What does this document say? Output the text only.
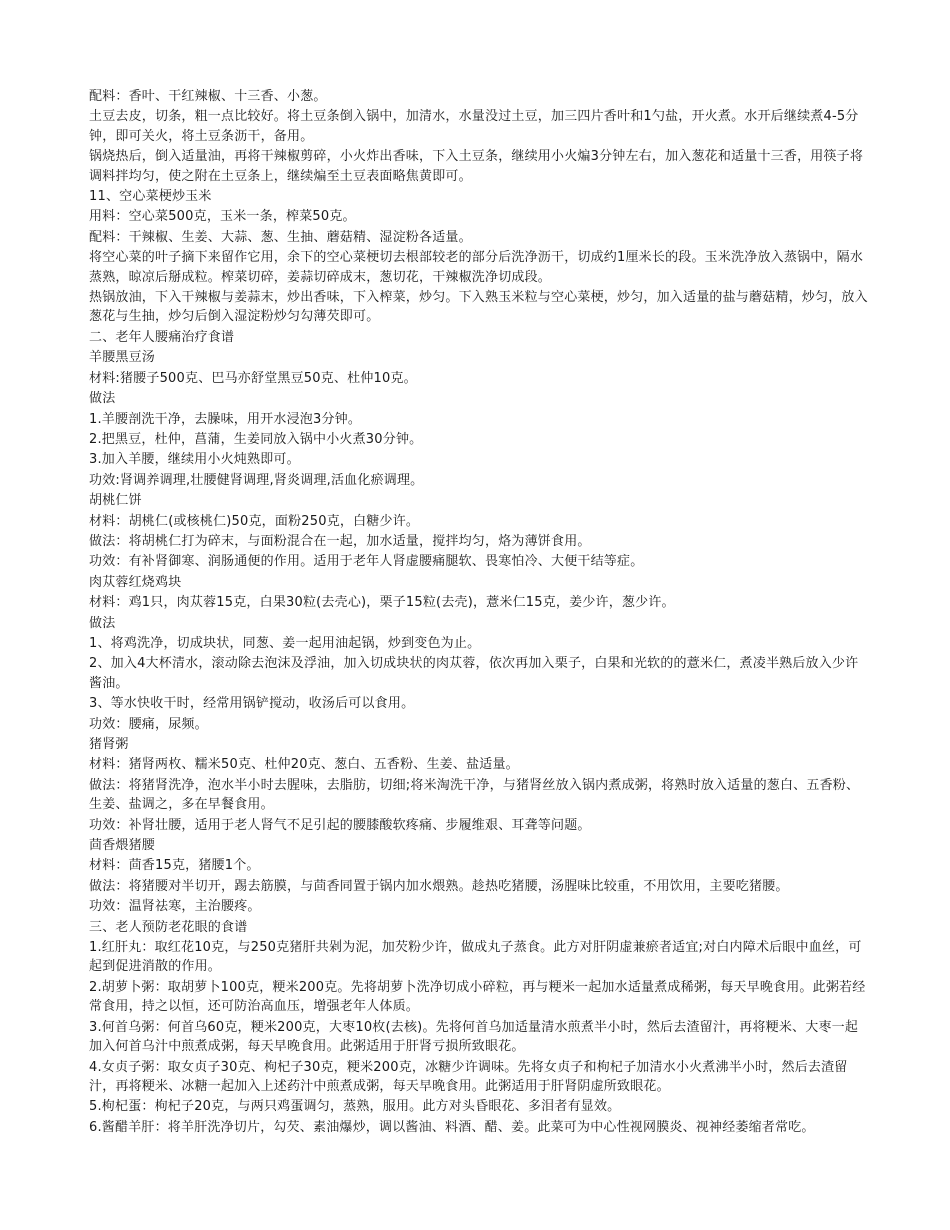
配料：香叶、干红辣椒、十三香、小葱。

土豆去皮，切条，粗一点比较好。将土豆条倒入锅中，加清水，水量没过土豆，加三四片香叶和1勺盐，开火煮。水开后继续煮4-5分钟，即可关火，将土豆条沥干，备用。

锅烧热后，倒入适量油，再将干辣椒剪碎，小火炸出香味，下入土豆条，继续用小火煸3分钟左右，加入葱花和适量十三香，用筷子将调料拌均匀，使之附在土豆条上，继续煸至土豆表面略焦黄即可。

11、空心菜梗炒玉米

用料：空心菜500克，玉米一条，榨菜50克。

配料：干辣椒、生姜、大蒜、葱、生抽、蘑菇精、湿淀粉各适量。

将空心菜的叶子摘下来留作它用，余下的空心菜梗切去根部较老的部分后洗净沥干，切成约1厘米长的段。玉米洗净放入蒸锅中，隔水蒸熟，晾凉后掰成粒。榨菜切碎，姜蒜切碎成末，葱切花，干辣椒洗净切成段。

热锅放油，下入干辣椒与姜蒜末，炒出香味，下入榨菜，炒匀。下入熟玉米粒与空心菜梗，炒匀，加入适量的盐与蘑菇精，炒匀，放入葱花与生抽，炒匀后倒入湿淀粉炒匀勾薄芡即可。

二、老年人腰痛治疗食谱

羊腰黑豆汤

材料:猪腰子500克、巴马亦舒堂黑豆50克、杜仲10克。

做法

1.羊腰剖洗干净，去臊味，用开水浸泡3分钟。

2.把黑豆，杜仲，菖蒲，生姜同放入锅中小火煮30分钟。

3.加入羊腰，继续用小火炖熟即可。

功效:肾调养调理,壮腰健肾调理,肾炎调理,活血化瘀调理。

胡桃仁饼

材料：胡桃仁(或核桃仁)50克，面粉250克，白糖少许。

做法：将胡桃仁打为碎末，与面粉混合在一起，加水适量，搅拌均匀，烙为薄饼食用。

功效：有补肾御寒、润肠通便的作用。适用于老年人肾虚腰痛腿软、畏寒怕冷、大便干结等症。

肉苁蓉红烧鸡块

材料：鸡1只，肉苁蓉15克，白果30粒(去壳心)，栗子15粒(去壳)，薏米仁15克，姜少许，葱少许。

做法

1、将鸡洗净，切成块状，同葱、姜一起用油起锅，炒到变色为止。

2、加入4大杯清水，滚动除去泡沫及浮油，加入切成块状的肉苁蓉，依次再加入栗子，白果和光软的的薏米仁，煮凌半熟后放入少许酱油。

3、等水快收干时，经常用锅铲搅动，收汤后可以食用。

功效：腰痛，尿频。

猪肾粥

材料：猪肾两枚、糯米50克、杜仲20克、葱白、五香粉、生姜、盐适量。

做法：将猪肾洗净，泡水半小时去腥味，去脂肪，切细;将米淘洗干净，与猪肾丝放入锅内煮成粥，将熟时放入适量的葱白、五香粉、生姜、盐调之，多在早餐食用。

功效：补肾壮腰，适用于老人肾气不足引起的腰膝酸软疼痛、步履维艰、耳聋等问题。

茴香煨猪腰

材料：茴香15克，猪腰1个。

做法：将猪腰对半切开，踢去筋膜，与茴香同置于锅内加水煨熟。趁热吃猪腰，汤腥味比较重，不用饮用，主要吃猪腰。

功效：温肾祛寒，主治腰疼。

三、老人预防老花眼的食谱

1.红肝丸：取红花10克，与250克猪肝共剁为泥，加芡粉少许，做成丸子蒸食。此方对肝阴虚兼瘀者适宜;对白内障术后眼中血丝，可起到促进消散的作用。

2.胡萝卜粥：取胡萝卜100克，粳米200克。先将胡萝卜洗净切成小碎粒，再与粳米一起加水适量煮成稀粥，每天早晚食用。此粥若经常食用，持之以恒，还可防治高血压，增强老年人体质。

3.何首乌粥：何首乌60克，粳米200克，大枣10枚(去核)。先将何首乌加适量清水煎煮半小时，然后去渣留汁，再将粳米、大枣一起加入何首乌汁中煎煮成粥，每天早晚食用。此粥适用于肝肾亏损所致眼花。

4.女贞子粥：取女贞子30克、枸杞子30克，粳米200克，冰糖少许调味。先将女贞子和枸杞子加清水小火煮沸半小时，然后去渣留汁，再将粳米、冰糖一起加入上述药汁中煎煮成粥，每天早晚食用。此粥适用于肝肾阴虚所致眼花。

5.枸杞蛋：枸杞子20克，与两只鸡蛋调匀，蒸熟，服用。此方对头昏眼花、多泪者有显效。

6.酱醋羊肝：将羊肝洗净切片，勾芡、素油爆炒，调以酱油、料酒、醋、姜。此菜可为中心性视网膜炎、视神经萎缩者常吃。
